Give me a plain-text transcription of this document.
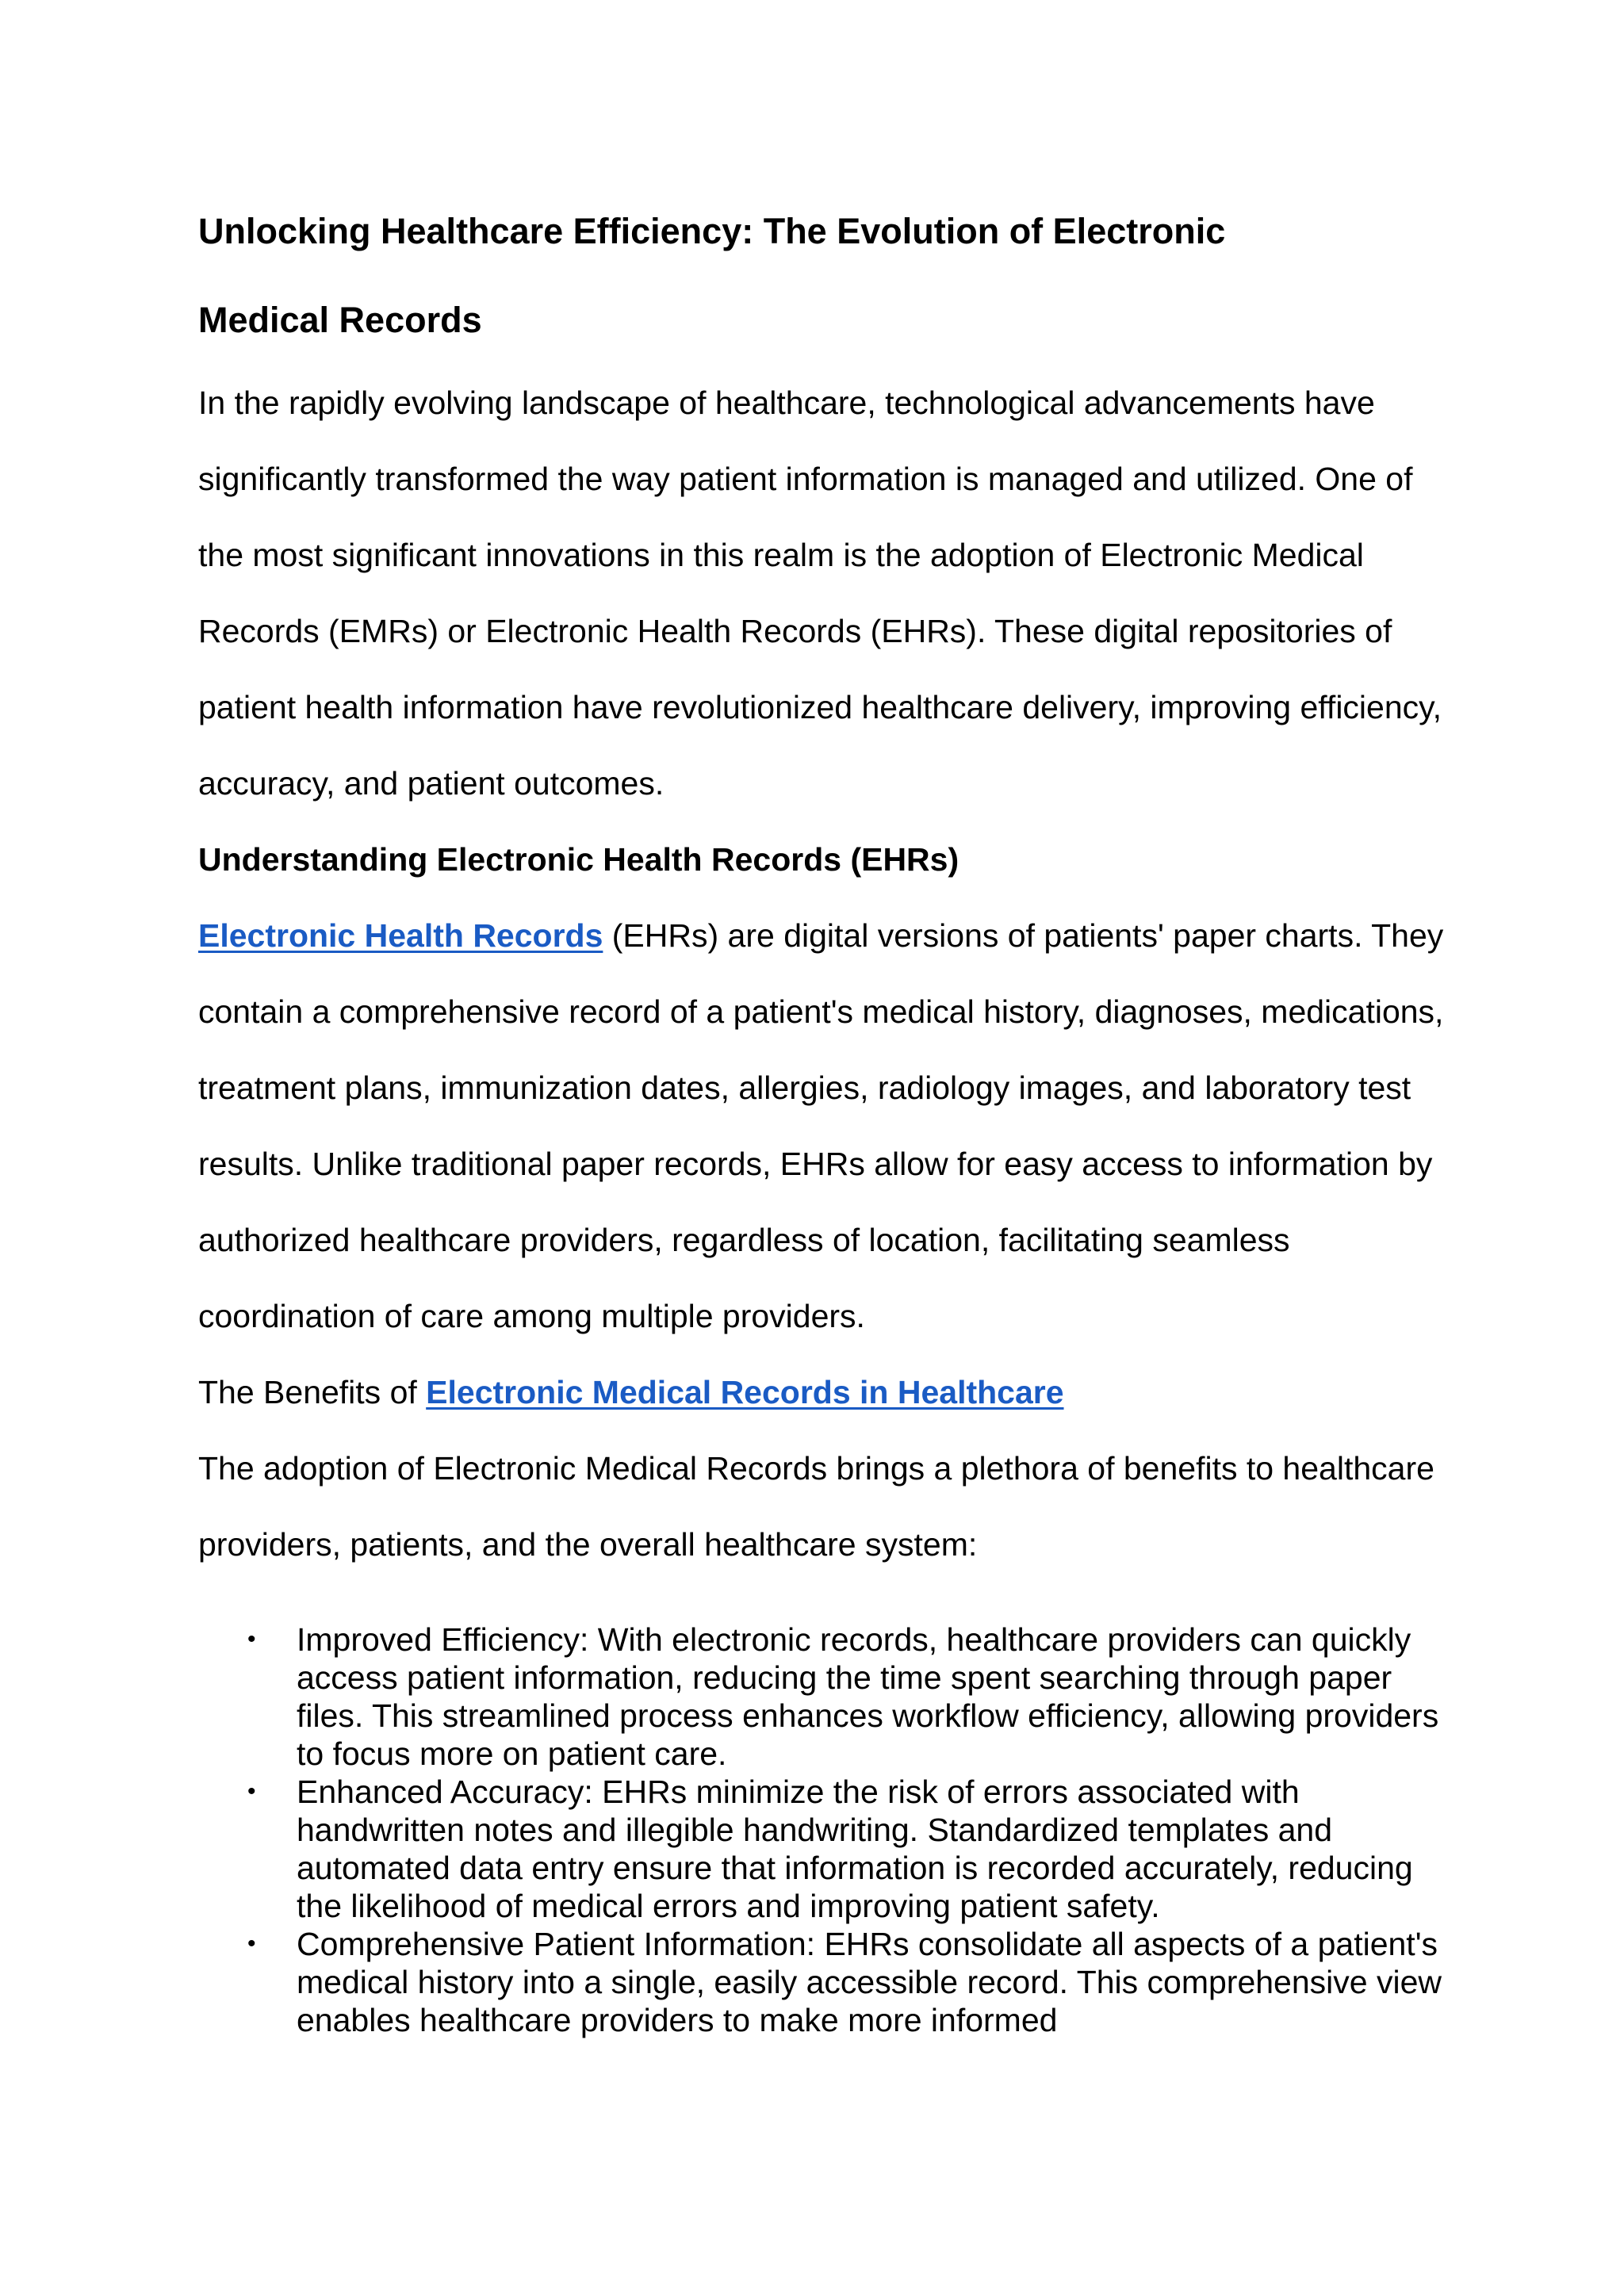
Unlocking Healthcare Efficiency: The Evolution of Electronic
Medical Records

In the rapidly evolving landscape of healthcare, technological advancements have significantly transformed the way patient information is managed and utilized. One of the most significant innovations in this realm is the adoption of Electronic Medical Records (EMRs) or Electronic Health Records (EHRs). These digital repositories of patient health information have revolutionized healthcare delivery, improving efficiency, accuracy, and patient outcomes.

Understanding Electronic Health Records (EHRs)

Electronic Health Records (EHRs) are digital versions of patients' paper charts. They contain a comprehensive record of a patient's medical history, diagnoses, medications, treatment plans, immunization dates, allergies, radiology images, and laboratory test results. Unlike traditional paper records, EHRs allow for easy access to information by authorized healthcare providers, regardless of location, facilitating seamless coordination of care among multiple providers.

The Benefits of Electronic Medical Records in Healthcare

The adoption of Electronic Medical Records brings a plethora of benefits to healthcare providers, patients, and the overall healthcare system:

• Improved Efficiency: With electronic records, healthcare providers can quickly access patient information, reducing the time spent searching through paper files. This streamlined process enhances workflow efficiency, allowing providers to focus more on patient care.
• Enhanced Accuracy: EHRs minimize the risk of errors associated with handwritten notes and illegible handwriting. Standardized templates and automated data entry ensure that information is recorded accurately, reducing the likelihood of medical errors and improving patient safety.
• Comprehensive Patient Information: EHRs consolidate all aspects of a patient's medical history into a single, easily accessible record. This comprehensive view enables healthcare providers to make more informed
